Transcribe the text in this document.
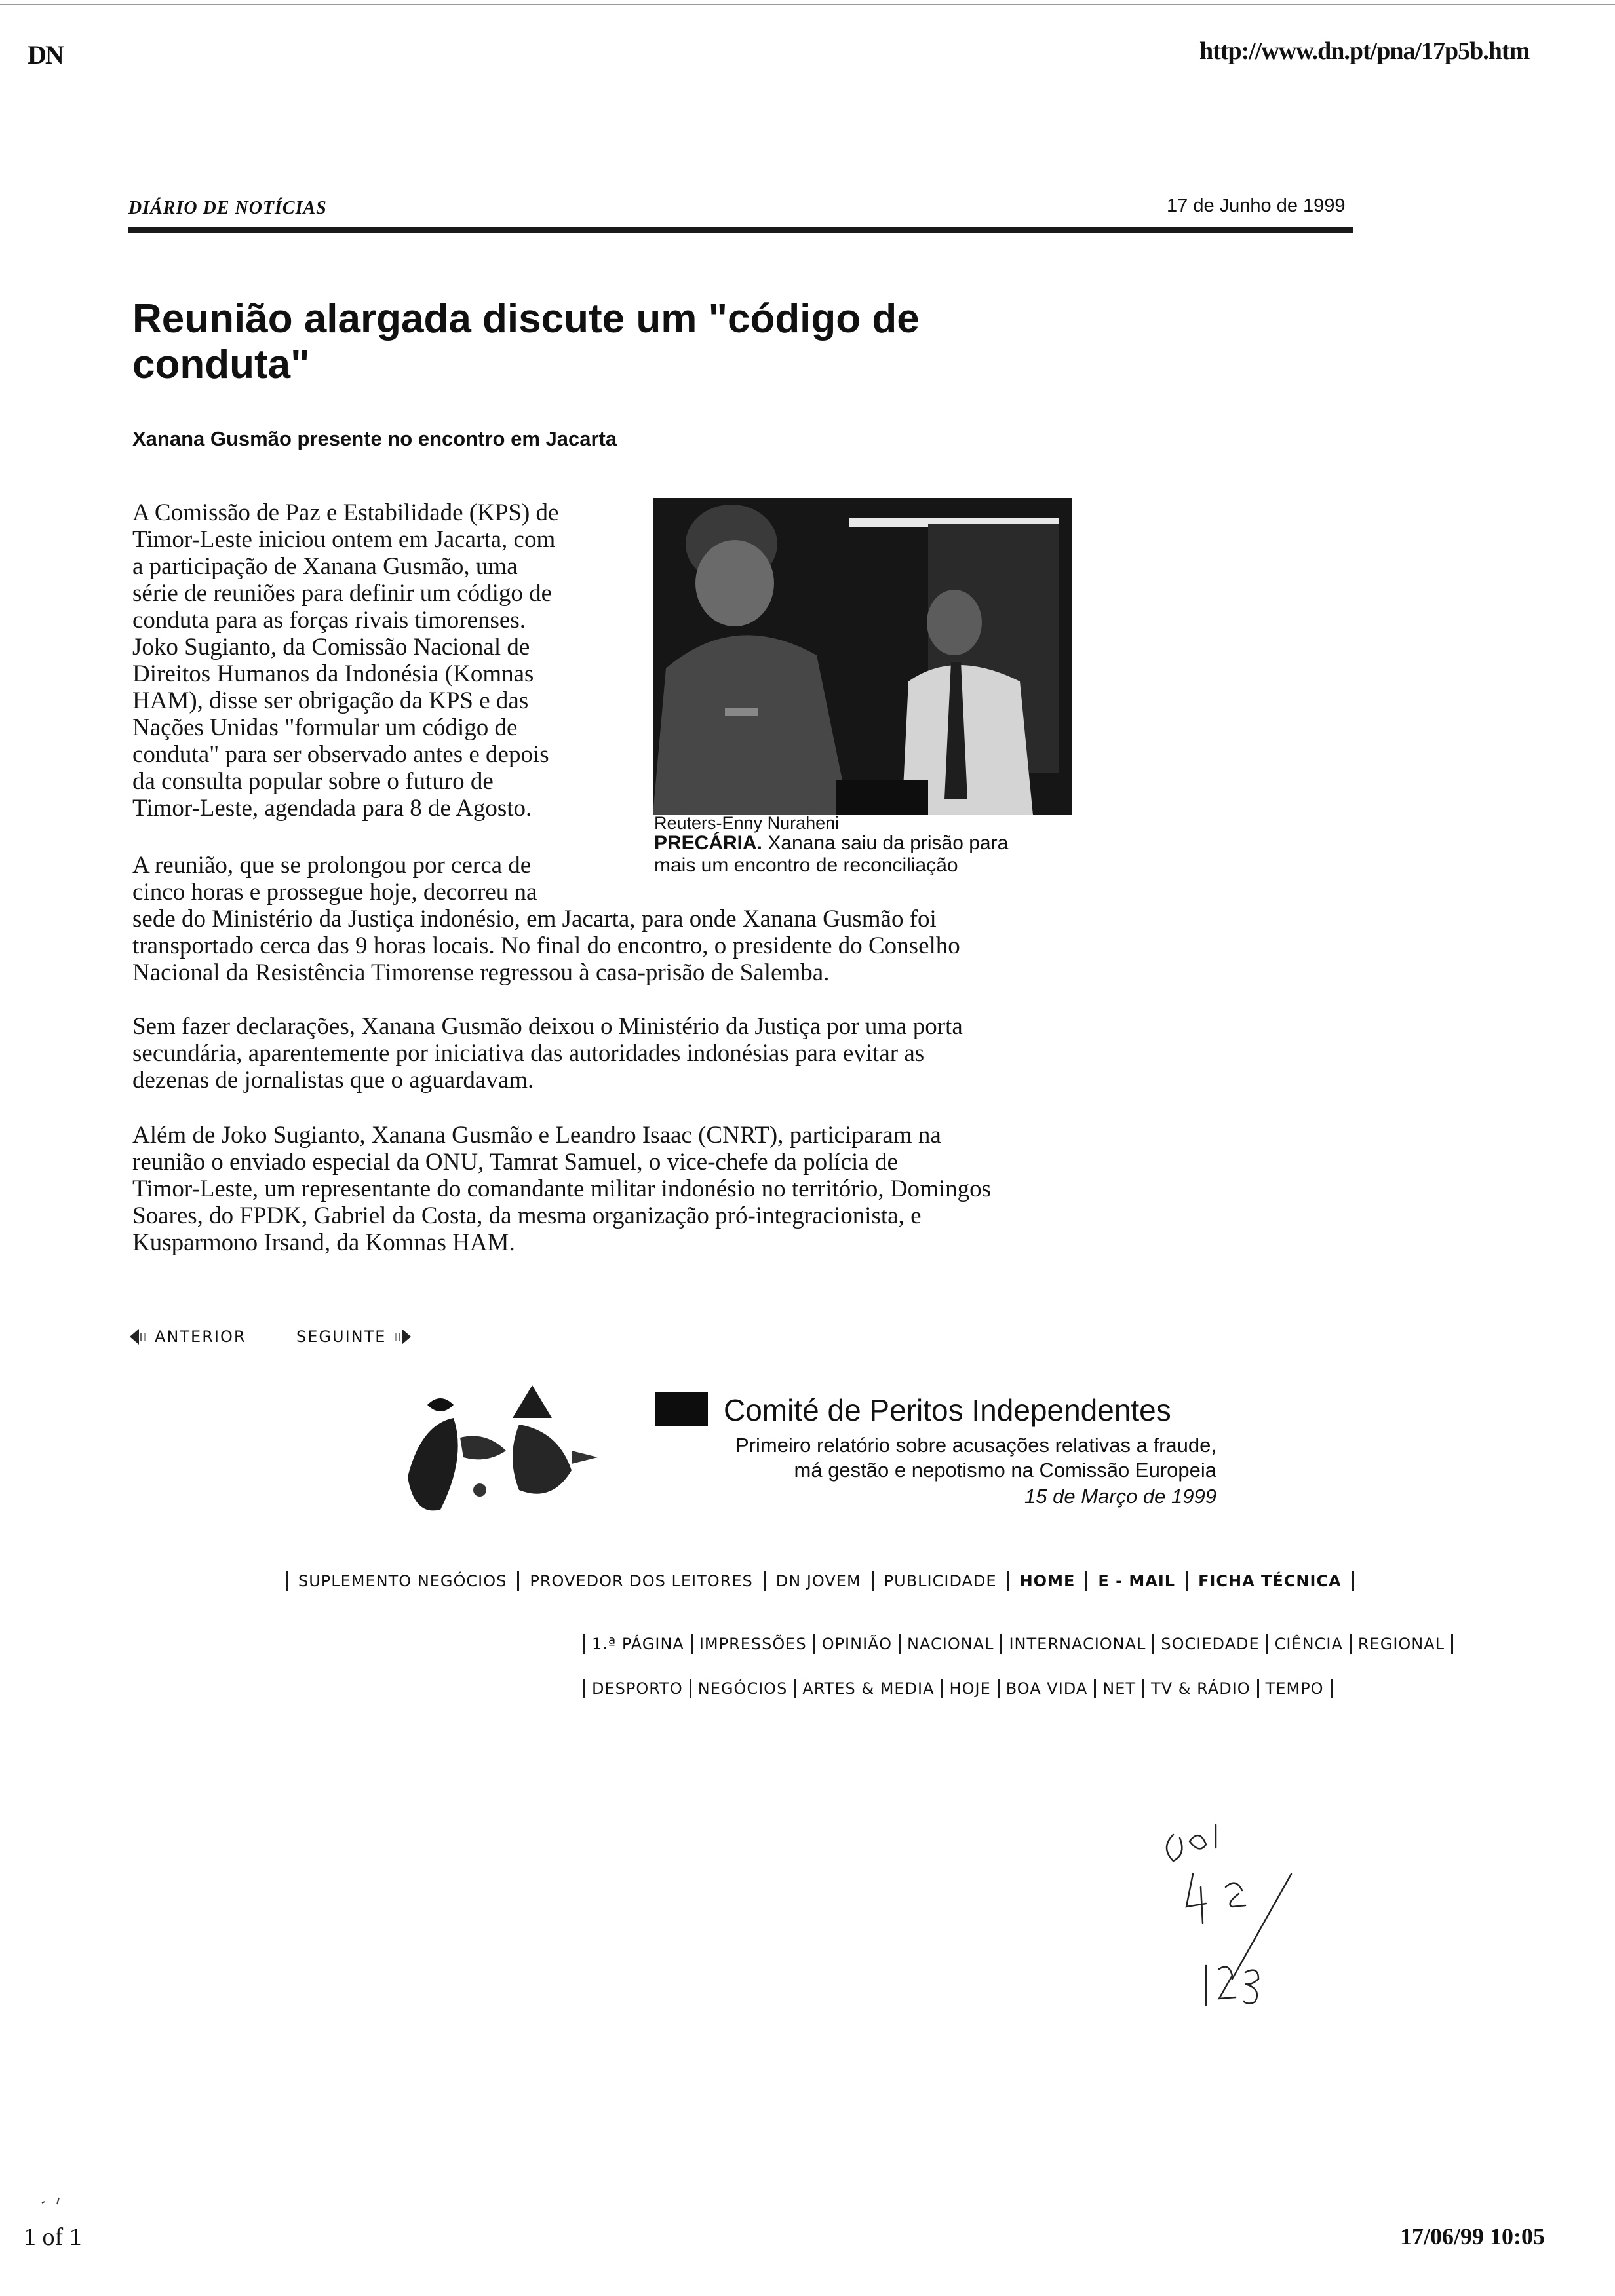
DN	http://www.dn.pt/pna/17p5b.htm
DIÁRIO DE NOTÍCIAS	17 de Junho de 1999
Reunião alargada discute um "código de
conduta"
Xanana Gusmão presente no encontro em Jacarta
A Comissão de Paz e Estabilidade (KPS) de
Timor-Leste iniciou ontem em Jacarta, com
a participação de Xanana Gusmão, uma
série de reuniões para definir um código de
conduta para as forças rivais timorenses.
Joko Sugianto, da Comissão Nacional de
Direitos Humanos da Indonésia (Komnas
HAM), disse ser obrigação da KPS e das
Nações Unidas "formular um código de
conduta" para ser observado antes e depois
da consulta popular sobre o futuro de
Timor-Leste, agendada para 8 de Agosto.
A reunião, que se prolongou por cerca de
cinco horas e prossegue hoje, decorreu na
sede do Ministério da Justiça indonésio, em Jacarta, para onde Xanana Gusmão foi
transportado cerca das 9 horas locais. No final do encontro, o presidente do Conselho
Nacional da Resistência Timorense regressou à casa-prisão de Salemba.
Sem fazer declarações, Xanana Gusmão deixou o Ministério da Justiça por uma porta
secundária, aparentemente por iniciativa das autoridades indonésias para evitar as
dezenas de jornalistas que o aguardavam.
Além de Joko Sugianto, Xanana Gusmão e Leandro Isaac (CNRT), participaram na
reunião o enviado especial da ONU, Tamrat Samuel, o vice-chefe da polícia de
Timor-Leste, um representante do comandante militar indonésio no território, Domingos
Soares, do FPDK, Gabriel da Costa, da mesma organização pró-integracionista, e
Kusparmono Irsand, da Komnas HAM.
Reuters-Enny Nuraheni
PRECÁRIA. Xanana saiu da prisão para
mais um encontro de reconciliação
ANTERIOR	SEGUINTE
Comité de Peritos Independentes
Primeiro relatório sobre acusações relativas a fraude,
má gestão e nepotismo na Comissão Europeia
15 de Março de 1999
SUPLEMENTO NEGÓCIOS PROVEDOR DOS LEITORES DN JOVEM PUBLICIDADE HOME E - MAIL FICHA TÉCNICA
1.ª PÁGINA IMPRESSÕES OPINIÃO NACIONAL INTERNACIONAL SOCIEDADE CIÊNCIA REGIONAL
DESPORTO NEGÓCIOS ARTES & MEDIA HOJE BOA VIDA NET TV & RÁDIO TEMPO
1 of 1	17/06/99 10:05
